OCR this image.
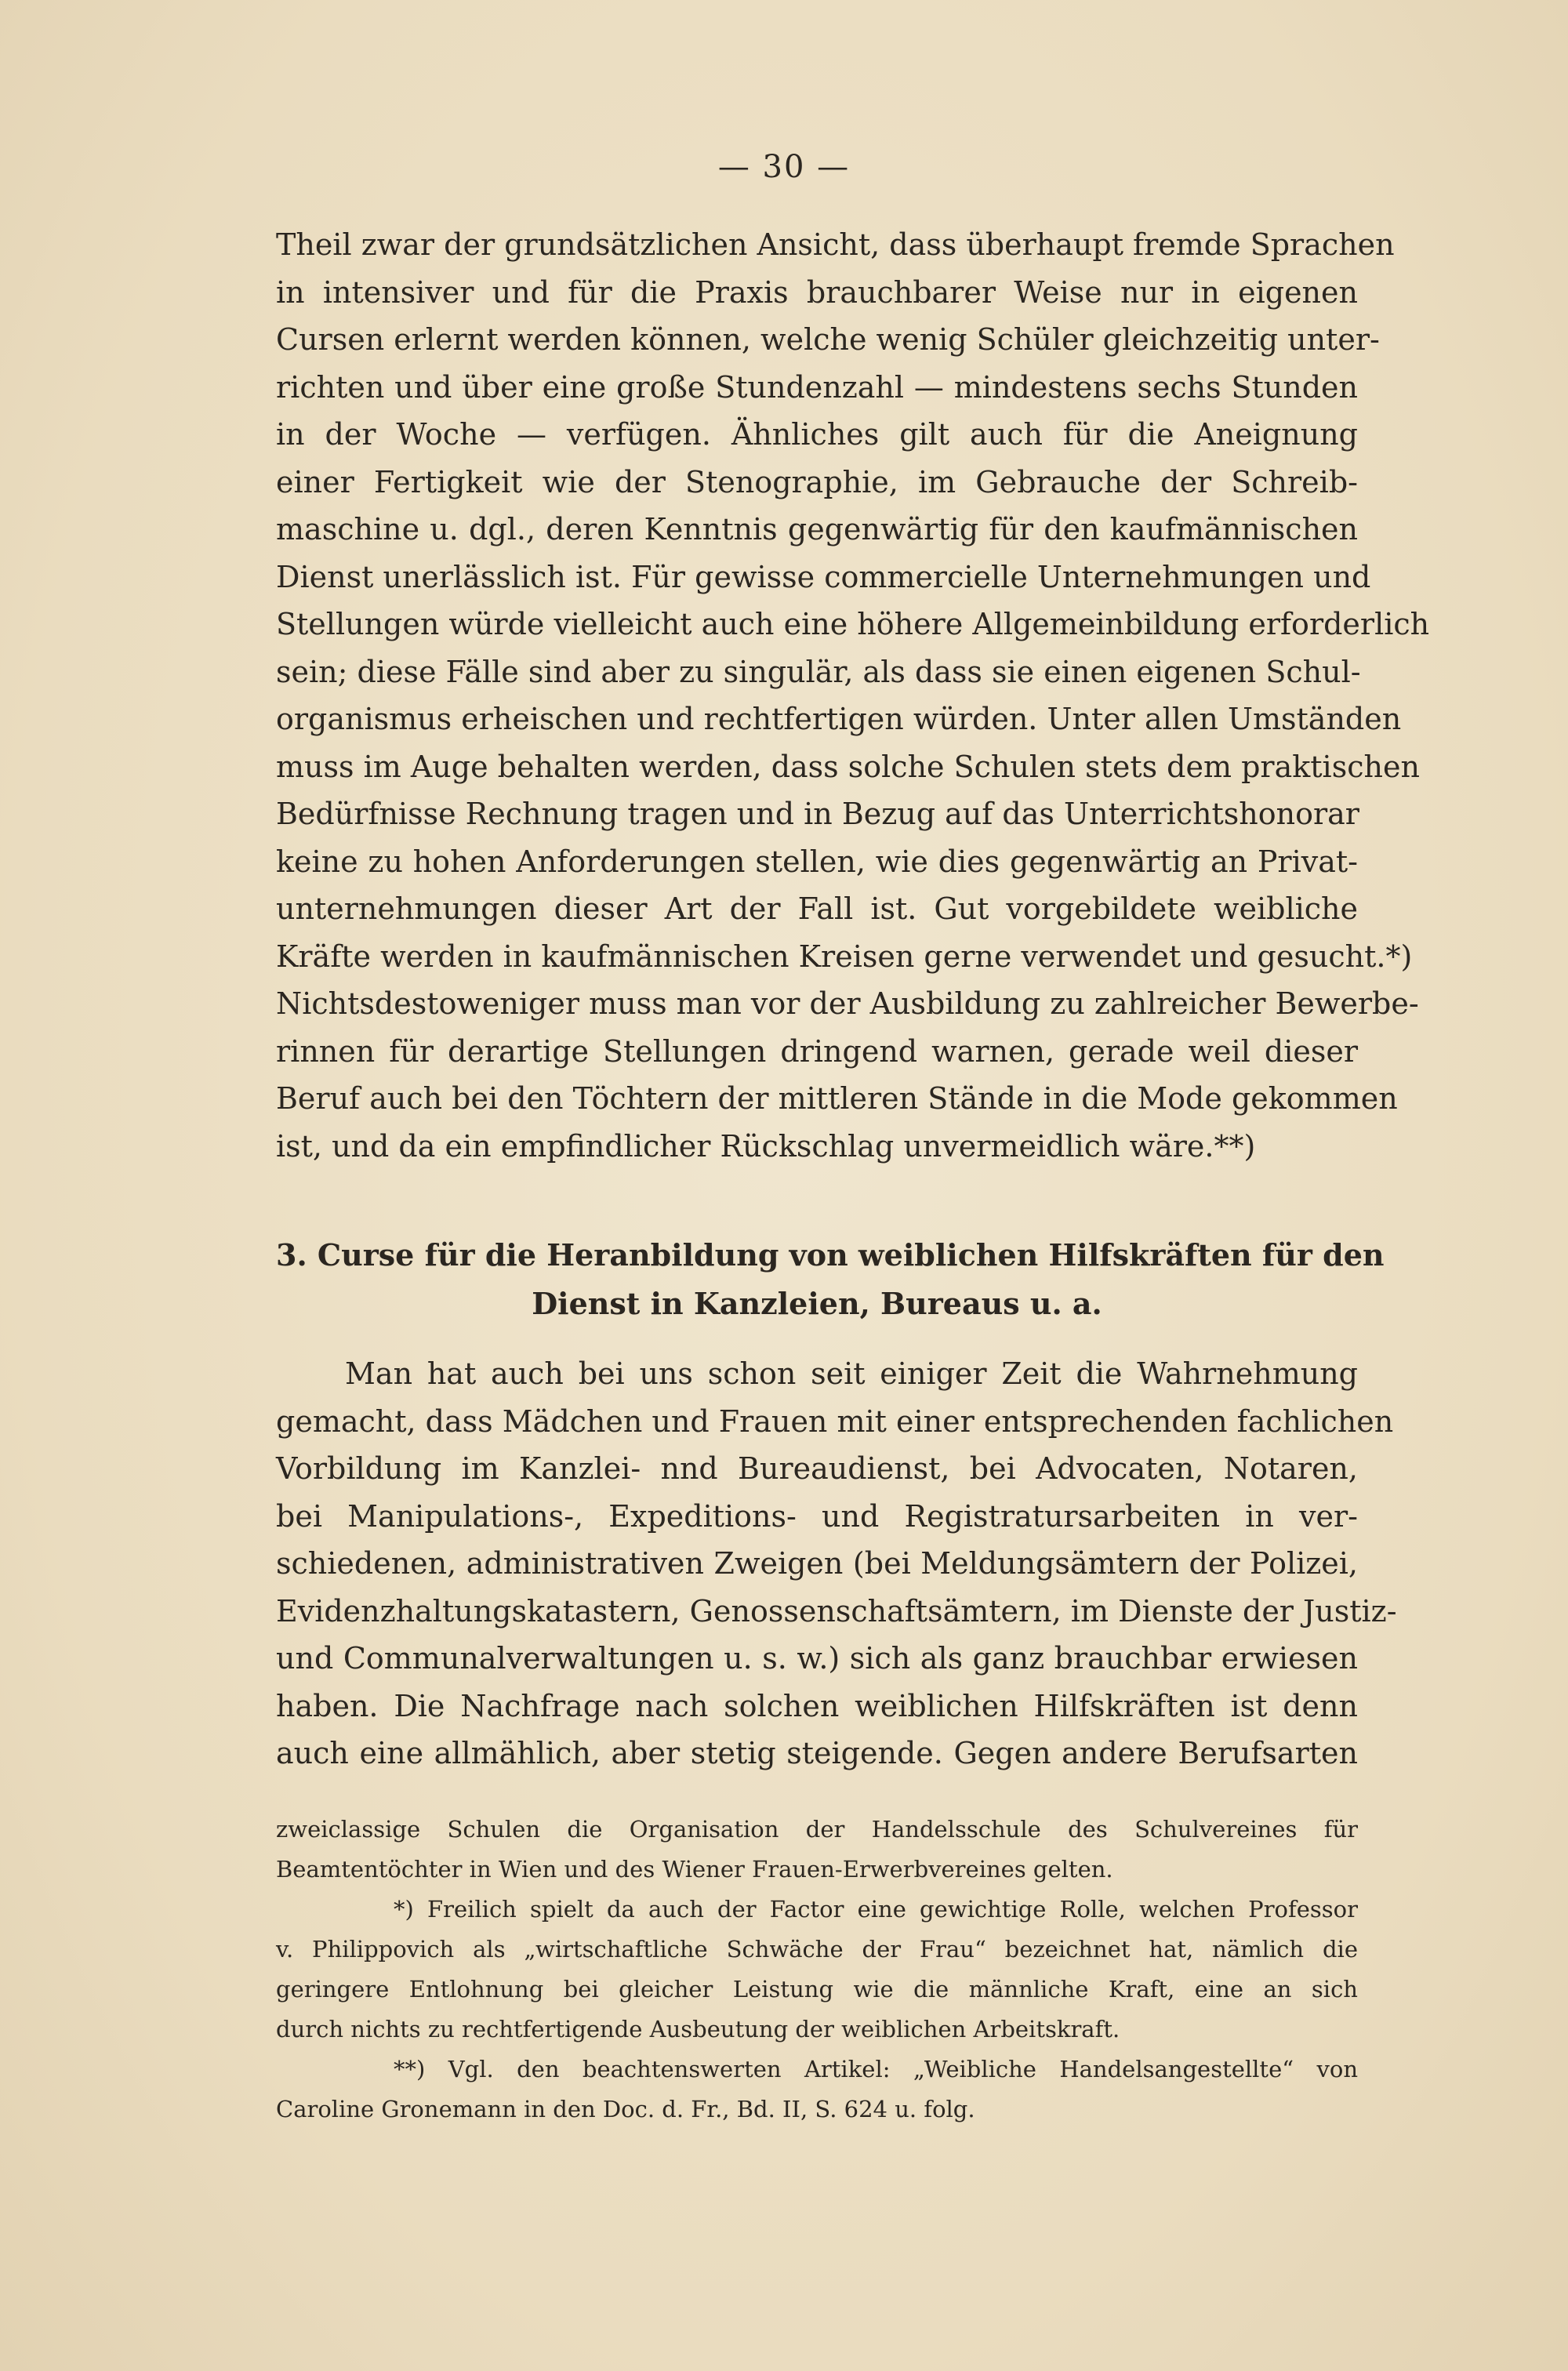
— 30 —
Theil zwar der grundsätzlichen Ansicht, dass überhaupt fremde Sprachen
in intensiver und für die Praxis brauchbarer Weise nur in eigenen
Cursen erlernt werden können, welche wenig Schüler gleichzeitig unter-
richten und über eine große Stundenzahl — mindestens sechs Stunden
in der Woche — verfügen. Ähnliches gilt auch für die Aneignung
einer Fertigkeit wie der Stenographie, im Gebrauche der Schreib-
maschine u. dgl., deren Kenntnis gegenwärtig für den kaufmännischen
Dienst unerlässlich ist. Für gewisse commercielle Unternehmungen und
Stellungen würde vielleicht auch eine höhere Allgemeinbildung erforderlich
sein; diese Fälle sind aber zu singulär, als dass sie einen eigenen Schul-
organismus erheischen und rechtfertigen würden. Unter allen Umständen
muss im Auge behalten werden, dass solche Schulen stets dem praktischen
Bedürfnisse Rechnung tragen und in Bezug auf das Unterrichtshonorar
keine zu hohen Anforderungen stellen, wie dies gegenwärtig an Privat-
unternehmungen dieser Art der Fall ist. Gut vorgebildete weibliche
Kräfte werden in kaufmännischen Kreisen gerne verwendet und gesucht.*)
Nichtsdestoweniger muss man vor der Ausbildung zu zahlreicher Bewerbe-
rinnen für derartige Stellungen dringend warnen, gerade weil dieser
Beruf auch bei den Töchtern der mittleren Stände in die Mode gekommen
ist, und da ein empfindlicher Rückschlag unvermeidlich wäre.**)
3. Curse für die Heranbildung von weiblichen Hilfskräften für den
Dienst in Kanzleien, Bureaus u. a.
Man hat auch bei uns schon seit einiger Zeit die Wahrnehmung
gemacht, dass Mädchen und Frauen mit einer entsprechenden fachlichen
Vorbildung im Kanzlei- nnd Bureaudienst, bei Advocaten, Notaren,
bei Manipulations-, Expeditions- und Registratursarbeiten in ver-
schiedenen, administrativen Zweigen (bei Meldungsämtern der Polizei,
Evidenzhaltungskatastern, Genossenschaftsämtern, im Dienste der Justiz-
und Communalverwaltungen u. s. w.) sich als ganz brauchbar erwiesen
haben. Die Nachfrage nach solchen weiblichen Hilfskräften ist denn
auch eine allmählich, aber stetig steigende. Gegen andere Berufsarten
zweiclassige Schulen die Organisation der Handelsschule des Schulvereines für
Beamtentöchter in Wien und des Wiener Frauen-Erwerbvereines gelten.
*) Freilich spielt da auch der Factor eine gewichtige Rolle, welchen Professor
v. Philippovich als „wirtschaftliche Schwäche der Frau“ bezeichnet hat, nämlich die
geringere Entlohnung bei gleicher Leistung wie die männliche Kraft, eine an sich
durch nichts zu rechtfertigende Ausbeutung der weiblichen Arbeitskraft.
**) Vgl. den beachtenswerten Artikel: „Weibliche Handelsangestellte“ von
Caroline Gronemann in den Doc. d. Fr., Bd. II, S. 624 u. folg.
